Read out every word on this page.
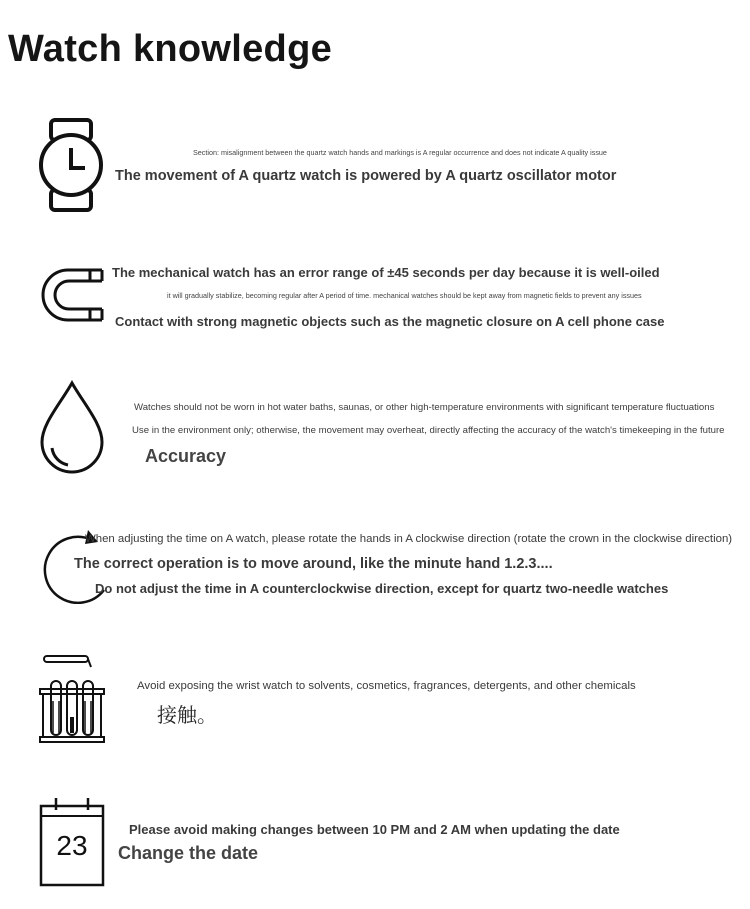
Watch knowledge
Section: misalignment between the quartz watch hands and markings is A regular occurrence and does not indicate A quality issue
The movement of A quartz watch is powered by A quartz oscillator motor
The mechanical watch has an error range of ±45 seconds per day because it is well-oiled
it will gradually stabilize, becoming regular after A period of time. mechanical watches should be kept away from magnetic fields to prevent any issues
Contact with strong magnetic objects such as the magnetic closure on A cell phone case
Watches should not be worn in hot water baths, saunas, or other high-temperature environments with significant temperature fluctuations
Use in the environment only; otherwise, the movement may overheat, directly affecting the accuracy of the watch's timekeeping in the future
Accuracy
When adjusting the time on A watch, please rotate the hands in A clockwise direction (rotate the crown in the clockwise direction)
The correct operation is to move around, like the minute hand 1.2.3....
Do not adjust the time in A counterclockwise direction, except for quartz two-needle watches
Avoid exposing the wrist watch to solvents, cosmetics, fragrances, detergents, and other chemicals
接触。
23
Please avoid making changes between 10 PM and 2 AM when updating the date
Change the date
